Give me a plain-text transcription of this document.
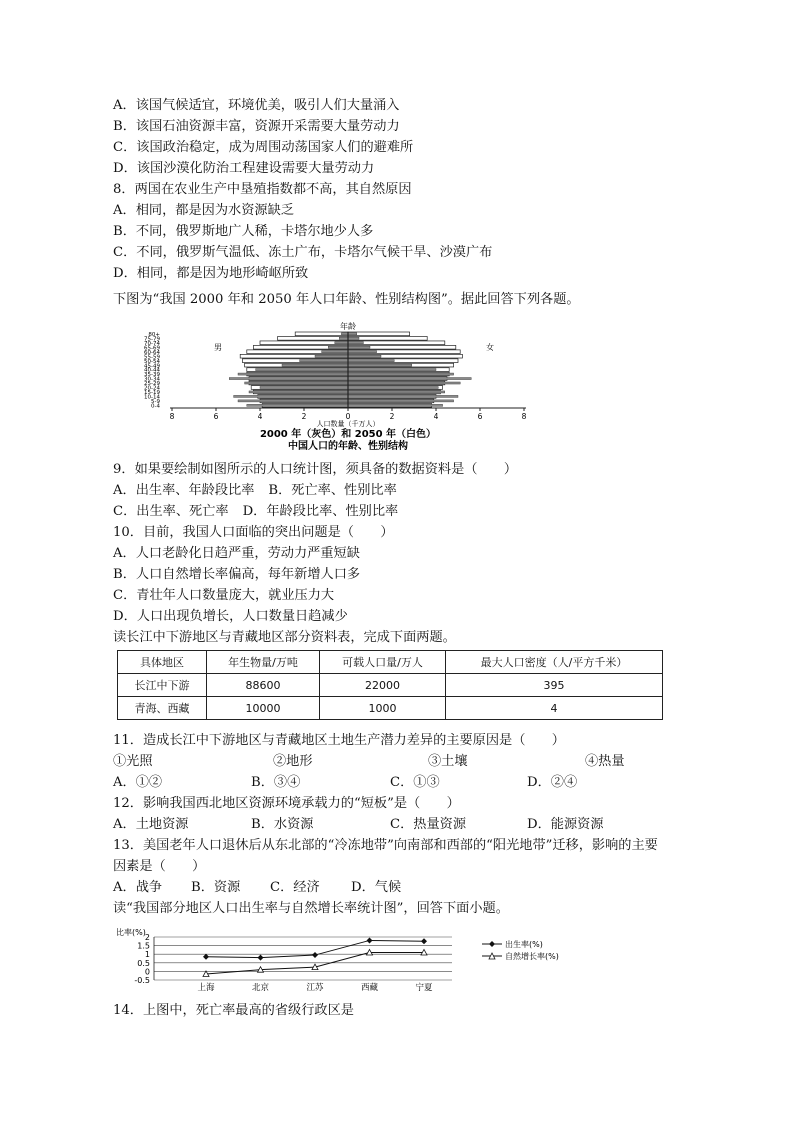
A．该国气候适宜，环境优美，吸引人们大量涌入
B．该国石油资源丰富，资源开采需要大量劳动力
C．该国政治稳定，成为周围动荡国家人们的避难所
D．该国沙漠化防治工程建设需要大量劳动力
8．两国在农业生产中垦殖指数都不高，其自然原因
A．相同，都是因为水资源缺乏
B．不同，俄罗斯地广人稀，卡塔尔地少人多
C．不同，俄罗斯气温低、冻土广布，卡塔尔气候干旱、沙漠广布
D．相同，都是因为地形崎岖所致
下图为“我国 2000 年和 2050 年人口年龄、性别结构图”。据此回答下列各题。
年龄
男	女
80+
75-79
70-74
65-69
60-64
55-59
50-54
45-49
40-44
35-39
30-34
25-29
20-24
15-19
10-14
5-9
0-4
8	6	4	2	0	2	4	6	8
人口数量（千万人）
2000 年（灰色）和 2050 年（白色）
中国人口的年龄、性别结构
9．如果要绘制如图所示的人口统计图，须具备的数据资料是（　　）
A．出生率、年龄段比率 B．死亡率、性别比率
C．出生率、死亡率 D．年龄段比率、性别比率
10．目前，我国人口面临的突出问题是（　　）
A．人口老龄化日趋严重，劳动力严重短缺
B．人口自然增长率偏高，每年新增人口多
C．青壮年人口数量庞大，就业压力大
D．人口出现负增长，人口数量日趋减少
读长江中下游地区与青藏地区部分资料表，完成下面两题。
具体地区	年生物量/万吨	可载人口量/万人	最大人口密度（人/平方千米）
长江中下游	88600	22000	395
青海、西藏	10000	1000	4
11．造成长江中下游地区与青藏地区土地生产潜力差异的主要原因是（　　）
①光照	②地形	③土壤	④热量
A．①②	B．③④	C．①③	D．②④
12．影响我国西北地区资源环境承载力的“短板”是（　　）
A．土地资源	B．水资源	C．热量资源	D．能源资源
13．美国老年人口退休后从东北部的“冷冻地带”向南部和西部的“阳光地带”迁移，影响的主要
因素是（　　）
A．战争 B．资源 C．经济 D．气候
读“我国部分地区人口出生率与自然增长率统计图”，回答下面小题。
比率(%)
2
1.5
1
0.5
0
-0.5
上海	北京	江苏	西藏	宁夏
出生率(%)
自然增长率(%)
14．上图中，死亡率最高的省级行政区是
